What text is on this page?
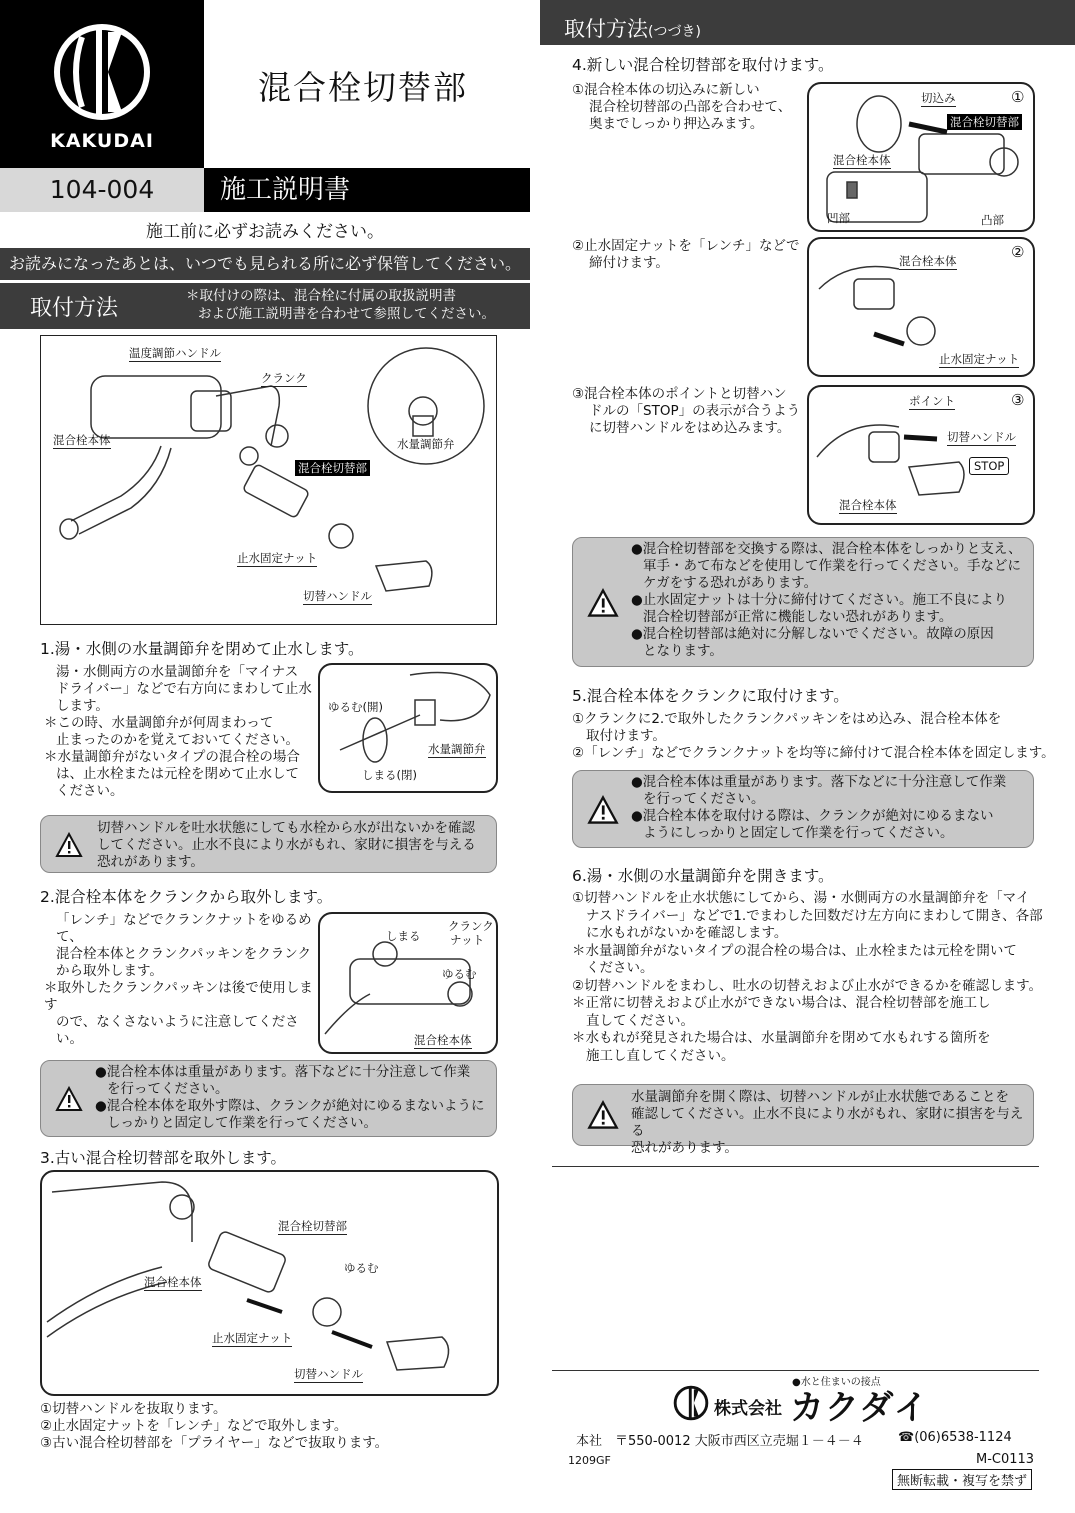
KAKUDAI
混合栓切替部
104-004	施工説明書
施工前に必ずお読みください。
お読みになったあとは、いつでも見られる所に必ず保管してください。
取付方法	＊取付けの際は、混合栓に付属の取扱説明書
および施工説明書を合わせて参照してください。
温度調節ハンドル
クランク
混合栓本体	水量調節弁
混合栓切替部
止水固定ナット
切替ハンドル
1.湯・水側の水量調節弁を閉めて止水します。
湯・水側両方の水量調節弁を「マイナス
ドライバー」などで右方向にまわして止水
します。
＊この時、水量調節弁が何周まわって
止まったのかを覚えておいてください。
＊水量調節弁がないタイプの混合栓の場合
は、止水栓または元栓を閉めて止水して
ください。
ゆるむ(開)
水量調節弁
しまる(閉)
切替ハンドルを吐水状態にしても水栓から水が出ないかを確認
してください。止水不良により水がもれ、家財に損害を与える
恐れがあります。
2.混合栓本体をクランクから取外します。
「レンチ」などでクランクナットをゆるめて、
混合栓本体とクランクパッキンをクランク
から取外します。
＊取外したクランクパッキンは後で使用します
ので、なくさないように注意してください。
しまる
クランク
ナット
ゆるむ
混合栓本体
●混合栓本体は重量があります。落下などに十分注意して作業
を行ってください。
●混合栓本体を取外す際は、クランクが絶対にゆるまないように
しっかりと固定して作業を行ってください。
3.古い混合栓切替部を取外します。
混合栓切替部
混合栓本体
ゆるむ
止水固定ナット
切替ハンドル
①切替ハンドルを抜取ります。
②止水固定ナットを「レンチ」などで取外します。
③古い混合栓切替部を「プライヤー」などで抜取ります。
取付方法(つづき)
4.新しい混合栓切替部を取付けます。
①混合栓本体の切込みに新しい
混合栓切替部の凸部を合わせて、
奥までしっかり押込みます。
切込み	①
混合栓切替部
混合栓本体
凹部	凸部
②止水固定ナットを「レンチ」などで
締付けます。	混合栓本体	②
止水固定ナット
③混合栓本体のポイントと切替ハン
ドルの「STOP」の表示が合うよう
に切替ハンドルをはめ込みます。
ポイント	③
切替ハンドル
STOP
混合栓本体
●混合栓切替部を交換する際は、混合栓本体をしっかりと支え、
軍手・あて布などを使用して作業を行ってください。手などに
ケガをする恐れがあります。
●止水固定ナットは十分に締付けてください。施工不良により
混合栓切替部が正常に機能しない恐れがあります。
●混合栓切替部は絶対に分解しないでください。故障の原因
となります。
5.混合栓本体をクランクに取付けます。
①クランクに2.で取外したクランクパッキンをはめ込み、混合栓本体を
取付けます。
②「レンチ」などでクランクナットを均等に締付けて混合栓本体を固定します。
●混合栓本体は重量があります。落下などに十分注意して作業
を行ってください。
●混合栓本体を取付ける際は、クランクが絶対にゆるまない
ようにしっかりと固定して作業を行ってください。
6.湯・水側の水量調節弁を開きます。
①切替ハンドルを止水状態にしてから、湯・水側両方の水量調節弁を「マイ
ナスドライバー」などで1.でまわした回数だけ左方向にまわして開き、各部
に水もれがないかを確認します。
＊水量調節弁がないタイプの混合栓の場合は、止水栓または元栓を開いて
ください。
②切替ハンドルをまわし、吐水の切替えおよび止水ができるかを確認します。
＊正常に切替えおよび止水ができない場合は、混合栓切替部を施工し
直してください。
＊水もれが発見された場合は、水量調節弁を閉めて水もれする箇所を
施工し直してください。
水量調節弁を開く際は、切替ハンドルが止水状態であることを
確認してください。止水不良により水がもれ、家財に損害を与える
恐れがあります。
●水と住まいの接点
株式会社 カクダイ
本社　〒550-0012 大阪市西区立売堀１－４－４	☎(06)6538-1124
M-C0113
1209GF
無断転載・複写を禁ず
